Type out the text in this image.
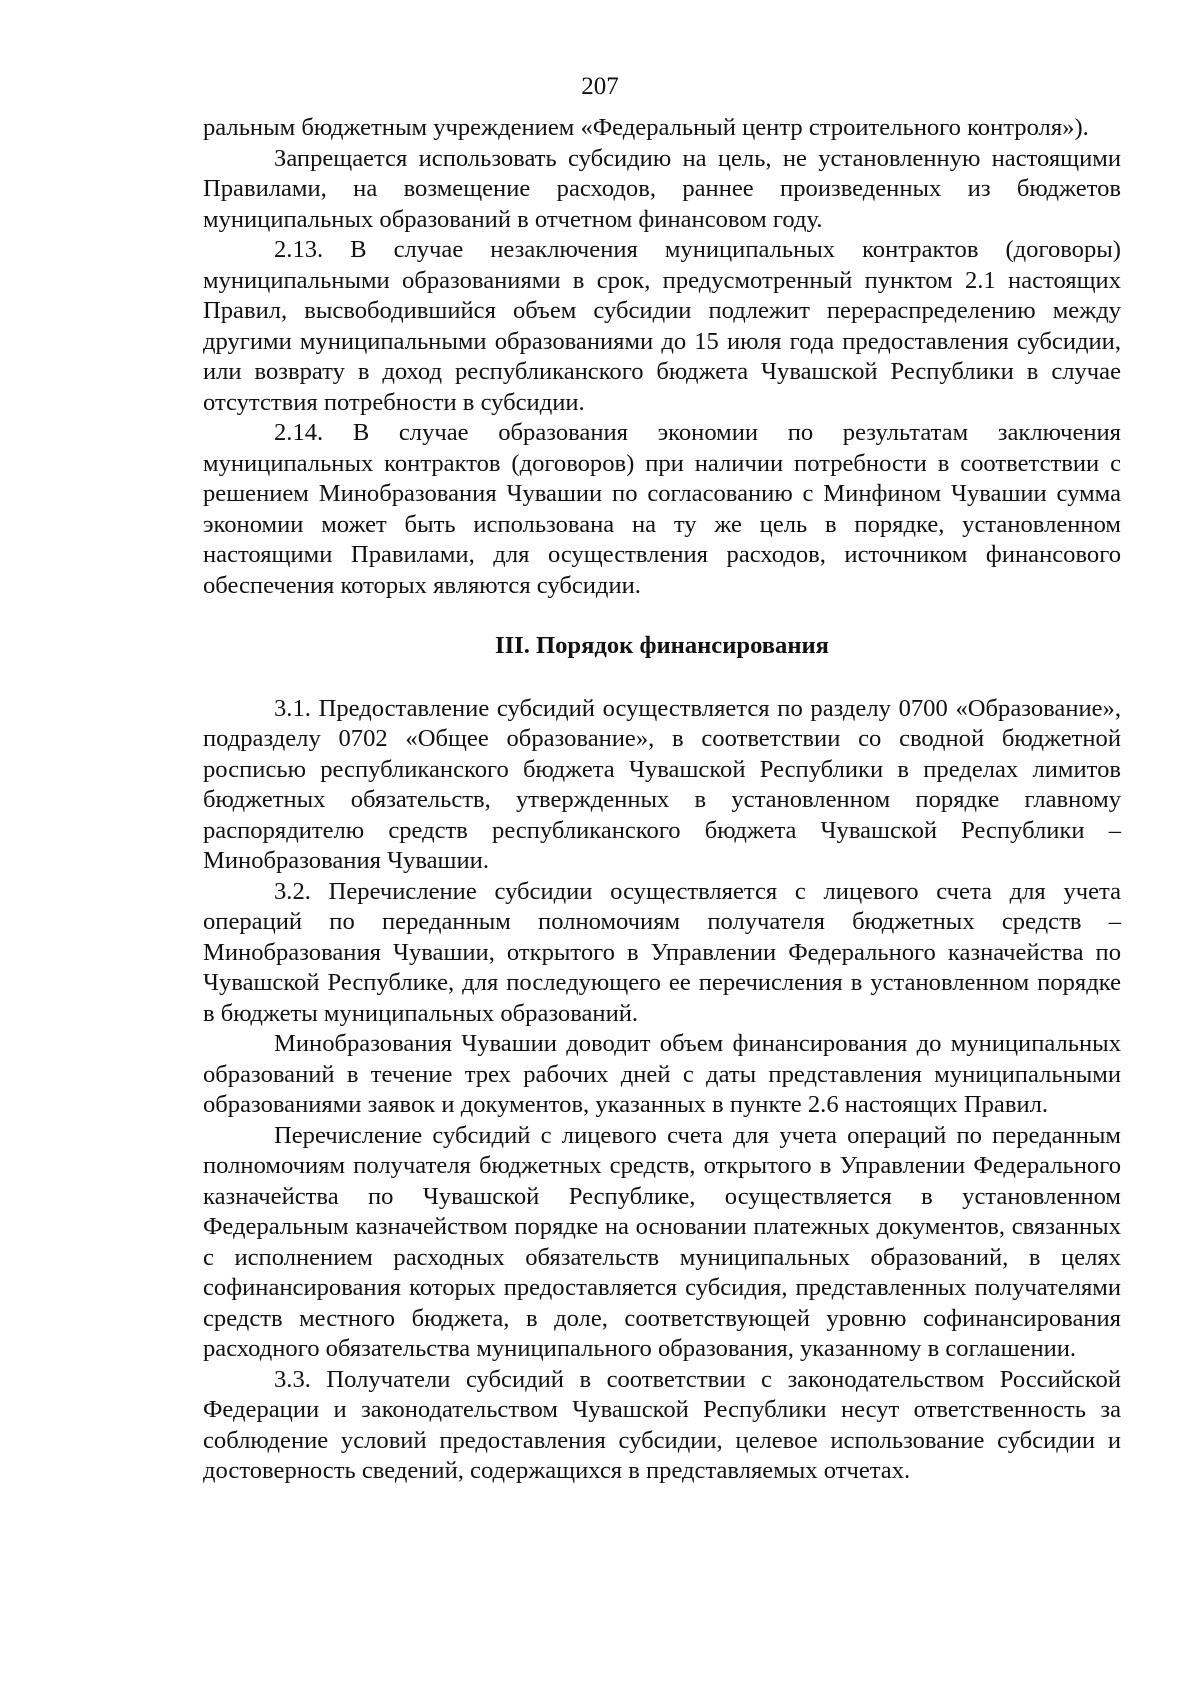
207

ральным бюджетным учреждением «Федеральный центр строительного контроля»).

Запрещается использовать субсидию на цель, не установленную настоящими Правилами, на возмещение расходов, раннее произведенных из бюджетов муниципальных образований в отчетном финансовом году.

2.13. В случае незаключения муниципальных контрактов (договоры) муниципальными образованиями в срок, предусмотренный пунктом 2.1 настоящих Правил, высвободившийся объем субсидии подлежит перераспределению между другими муниципальными образованиями до 15 июля года предоставления субсидии, или возврату в доход республиканского бюджета Чувашской Республики в случае отсутствия потребности в субсидии.

2.14. В случае образования экономии по результатам заключения муниципальных контрактов (договоров) при наличии потребности в соответствии с решением Минобразования Чувашии по согласованию с Минфином Чувашии сумма экономии может быть использована на ту же цель в порядке, установленном настоящими Правилами, для осуществления расходов, источником финансового обеспечения которых являются субсидии.

III. Порядок финансирования

3.1. Предоставление субсидий осуществляется по разделу 0700 «Образование», подразделу 0702 «Общее образование», в соответствии со сводной бюджетной росписью республиканского бюджета Чувашской Республики в пределах лимитов бюджетных обязательств, утвержденных в установленном порядке главному распорядителю средств республиканского бюджета Чувашской Республики – Минобразования Чувашии.

3.2. Перечисление субсидии осуществляется с лицевого счета для учета операций по переданным полномочиям получателя бюджетных средств – Минобразования Чувашии, открытого в Управлении Федерального казначейства по Чувашской Республике, для последующего ее перечисления в установленном порядке в бюджеты муниципальных образований.

Минобразования Чувашии доводит объем финансирования до муниципальных образований в течение трех рабочих дней с даты представления муниципальными образованиями заявок и документов, указанных в пункте 2.6 настоящих Правил.

Перечисление субсидий с лицевого счета для учета операций по переданным полномочиям получателя бюджетных средств, открытого в Управлении Федерального казначейства по Чувашской Республике, осуществляется в установленном Федеральным казначейством порядке на основании платежных документов, связанных с исполнением расходных обязательств муниципальных образований, в целях софинансирования которых предоставляется субсидия, представленных получателями средств местного бюджета, в доле, соответствующей уровню софинансирования расходного обязательства муниципального образования, указанному в соглашении.

3.3. Получатели субсидий в соответствии с законодательством Российской Федерации и законодательством Чувашской Республики несут ответственность за соблюдение условий предоставления субсидии, целевое использование субсидии и достоверность сведений, содержащихся в представляемых отчетах.
